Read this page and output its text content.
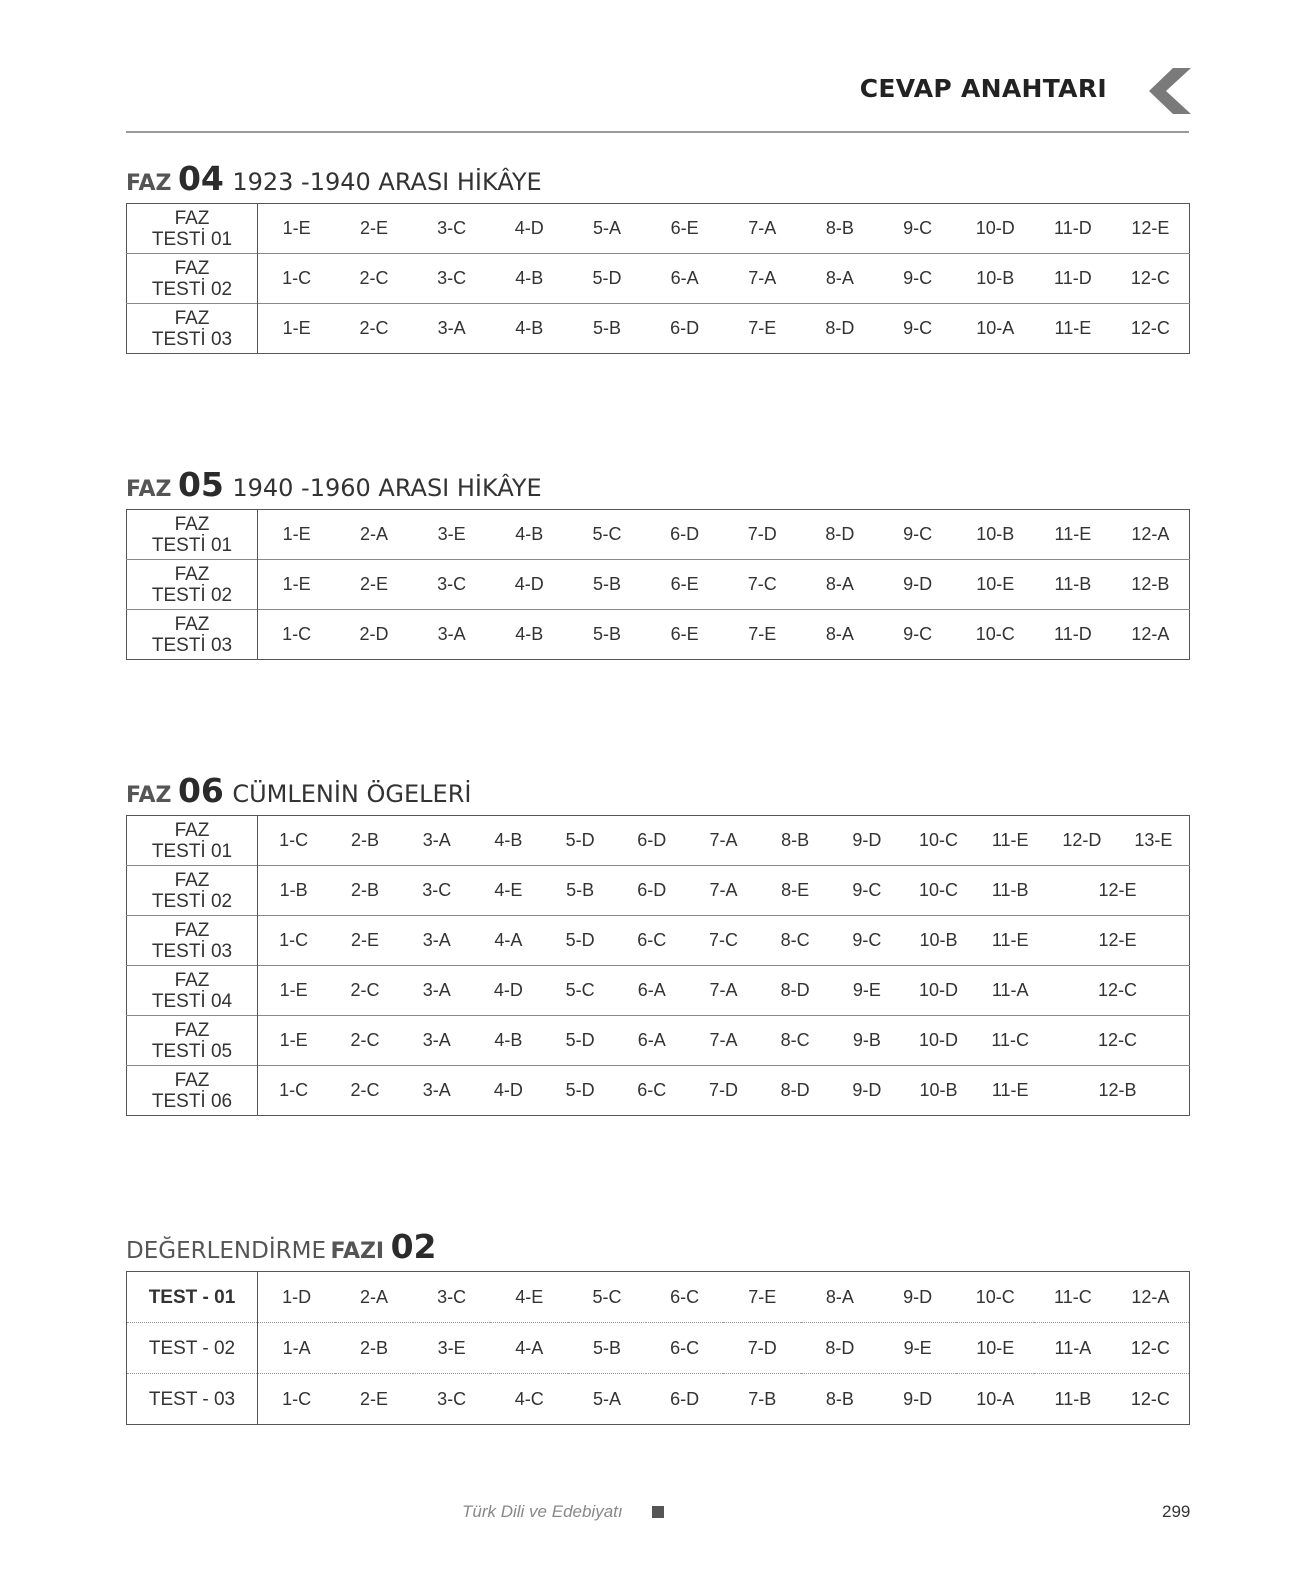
CEVAP ANAHTARI
FAZ 04 1923 -1940 ARASI HİKÂYE
FAZ
TESTİ 01	1-E	2-E	3-C	4-D	5-A	6-E	7-A	8-B	9-C	10-D	11-D	12-E

FAZ
TESTİ 02	1-C	2-C	3-C	4-B	5-D	6-A	7-A	8-A	9-C	10-B	11-D	12-C

FAZ
TESTİ 03	1-E	2-C	3-A	4-B	5-B	6-D	7-E	8-D	9-C	10-A	11-E	12-C
FAZ 05 1940 -1960 ARASI HİKÂYE
FAZ
TESTİ 01	1-E	2-A	3-E	4-B	5-C	6-D	7-D	8-D	9-C	10-B	11-E	12-A

FAZ
TESTİ 02	1-E	2-E	3-C	4-D	5-B	6-E	7-C	8-A	9-D	10-E	11-B	12-B

FAZ
TESTİ 03	1-C	2-D	3-A	4-B	5-B	6-E	7-E	8-A	9-C	10-C	11-D	12-A
FAZ 06 CÜMLENİN ÖGELERİ
FAZ
TESTİ 01	1-C	2-B	3-A	4-B	5-D	6-D	7-A	8-B	9-D	10-C	11-E	12-D	13-E

FAZ
TESTİ 02	1-B	2-B	3-C	4-E	5-B	6-D	7-A	8-E	9-C	10-C	11-B	12-E	

FAZ
TESTİ 03	1-C	2-E	3-A	4-A	5-D	6-C	7-C	8-C	9-C	10-B	11-E	12-E	

FAZ
TESTİ 04	1-E	2-C	3-A	4-D	5-C	6-A	7-A	8-D	9-E	10-D	11-A	12-C	

FAZ
TESTİ 05	1-E	2-C	3-A	4-B	5-D	6-A	7-A	8-C	9-B	10-D	11-C	12-C	

FAZ
TESTİ 06	1-C	2-C	3-A	4-D	5-D	6-C	7-D	8-D	9-D	10-B	11-E	12-B	
DEĞERLENDİRME FAZI 02
TEST - 01	1-D	2-A	3-C	4-E	5-C	6-C	7-E	8-A	9-D	10-C	11-C	12-A
TEST - 02	1-A	2-B	3-E	4-A	5-B	6-C	7-D	8-D	9-E	10-E	11-A	12-C
TEST - 03	1-C	2-E	3-C	4-C	5-A	6-D	7-B	8-B	9-D	10-A	11-B	12-C
Türk Dili ve Edebiyatı	299
